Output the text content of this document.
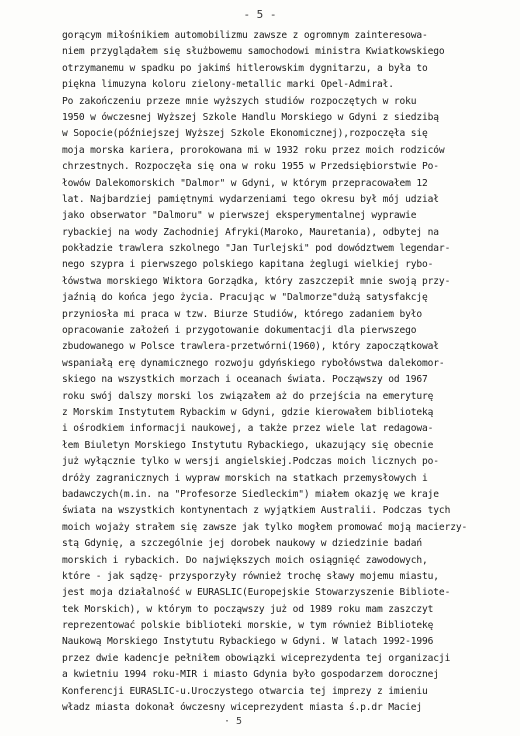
- 5 -
gorącym miłośnikiem automobilizmu zawsze z ogromnym zainteresowa-
niem przyglądałem się służbowemu samochodowi ministra Kwiatkowskiego
otrzymanemu w spadku po jakimś hitlerowskim dygnitarzu, a była to
piękna limuzyna koloru zielony-metallic marki Opel-Admirał.
Po zakończeniu przeze mnie wyższych studiów rozpoczętych w roku
1950 w ówczesnej Wyższej Szkole Handlu Morskiego w Gdyni z siedzibą
w Sopocie(późniejszej Wyższej Szkole Ekonomicznej),rozpoczęła się
moja morska kariera, prorokowana mi w 1932 roku przez moich rodziców
chrzestnych. Rozpoczęła się ona w roku 1955 w Przedsiębiorstwie Po-
łowów Dalekomorskich "Dalmor" w Gdyni, w którym przepracowałem 12
lat. Najbardziej pamiętnymi wydarzeniami tego okresu był mój udział
jako obserwator "Dalmoru" w pierwszej eksperymentalnej wyprawie
rybackiej na wody Zachodniej Afryki(Maroko, Mauretania), odbytej na
pokładzie trawlera szkolnego "Jan Turlejski" pod dowództwem legendar-
nego szypra i pierwszego polskiego kapitana żeglugi wielkiej rybo-
łówstwa morskiego Wiktora Gorządka, który zaszczepił mnie swoją przy-
jaźnią do końca jego życia. Pracując w "Dalmorze"dużą satysfakcję
przyniosła mi praca w tzw. Biurze Studiów, którego zadaniem było
opracowanie założeń i przygotowanie dokumentacji dla pierwszego
zbudowanego w Polsce trawlera-przetwórni(1960), który zapoczątkował
wspaniałą erę dynamicznego rozwoju gdyńskiego rybołówstwa dalekomor-
skiego na wszystkich morzach i oceanach świata. Począwszy od 1967
roku swój dalszy morski los związałem aż do przejścia na emeryturę
z Morskim Instytutem Rybackim w Gdyni, gdzie kierowałem biblioteką
i ośrodkiem informacji naukowej, a także przez wiele lat redagowa-
łem Biuletyn Morskiego Instytutu Rybackiego, ukazujący się obecnie
już wyłącznie tylko w wersji angielskiej.Podczas moich licznych po-
dróży zagranicznych i wypraw morskich na statkach przemysłowych i
badawczych(m.in. na "Profesorze Siedleckim") miałem okazję we kraje
świata na wszystkich kontynentach z wyjątkiem Australii. Podczas tych
moich wojaży strałem się zawsze jak tylko mogłem promować moją macierzy-
stą Gdynię, a szczególnie jej dorobek naukowy w dziedzinie badań
morskich i rybackich. Do największych moich osiągnięć zawodowych,
które - jak sądzę- przysporzyły również trochę sławy mojemu miastu,
jest moja działalność w EURASLIC(Europejskie Stowarzyszenie Bibliote-
tek Morskich), w którym to począwszy już od 1989 roku mam zaszczyt
reprezentować polskie biblioteki morskie, w tym również Bibliotekę
Naukową Morskiego Instytutu Rybackiego w Gdyni. W latach 1992-1996
przez dwie kadencje pełniłem obowiązki wiceprezydenta tej organizacji
a kwietniu 1994 roku-MIR i miasto Gdynia było gospodarzem dorocznej
Konferencji EURASLIC-u.Uroczystego otwarcia tej imprezy z imieniu
władz miasta dokonał ówczesny wiceprezydent miasta ś.p.dr Maciej
· 5
